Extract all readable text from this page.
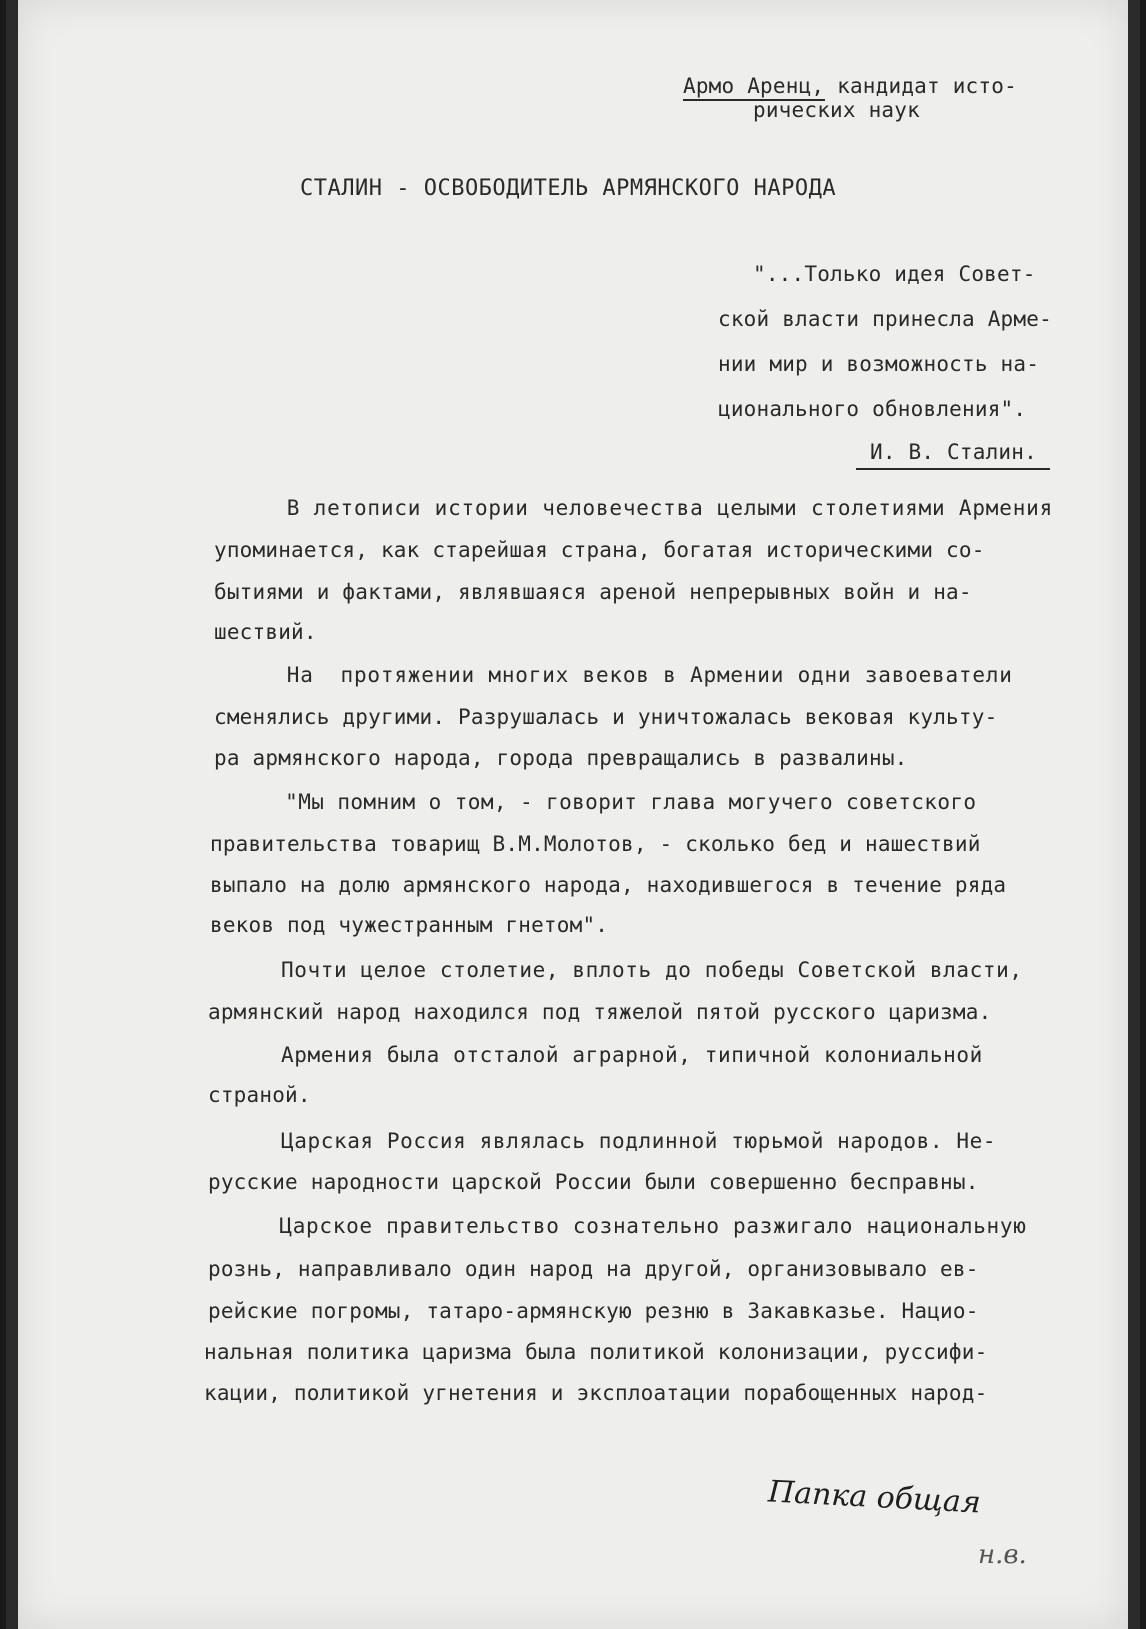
Армо Аренц, кандидат исто-
рических наук
СТАЛИН - ОСВОБОДИТЕЛЬ АРМЯНСКОГО НАРОДА
"...Только идея Совет-
ской власти принесла Арме-
нии мир и возможность на-
ционального обновления".
И. В. Сталин.
В летописи истории человечества целыми столетиями Армения
упоминается, как старейшая страна, богатая историческими со-
бытиями и фактами, являвшаяся ареной непрерывных войн и на-
шествий.
На  протяжении многих веков в Армении одни завоеватели
сменялись другими. Разрушалась и уничтожалась вековая культу-
ра армянского народа, города превращались в развалины.
"Мы помним о том, - говорит глава могучего советского
правительства товарищ В.М.Молотов, - сколько бед и нашествий
выпало на долю армянского народа, находившегося в течение ряда
веков под чужестранным гнетом".
Почти целое столетие, вплоть до победы Советской власти,
армянский народ находился под тяжелой пятой русского царизма.
Армения была отсталой аграрной, типичной колониальной
страной.
Царская Россия являлась подлинной тюрьмой народов. Не-
русские народности царской России были совершенно бесправны.
Царское правительство сознательно разжигало национальную
рознь, направливало один народ на другой, организовывало ев-
рейские погромы, татаро-армянскую резню в Закавказье. Нацио-
нальная политика царизма была политикой колонизации, руссифи-
кации, политикой угнетения и эксплоатации порабощенных народ-
Папка общая
н.в.
